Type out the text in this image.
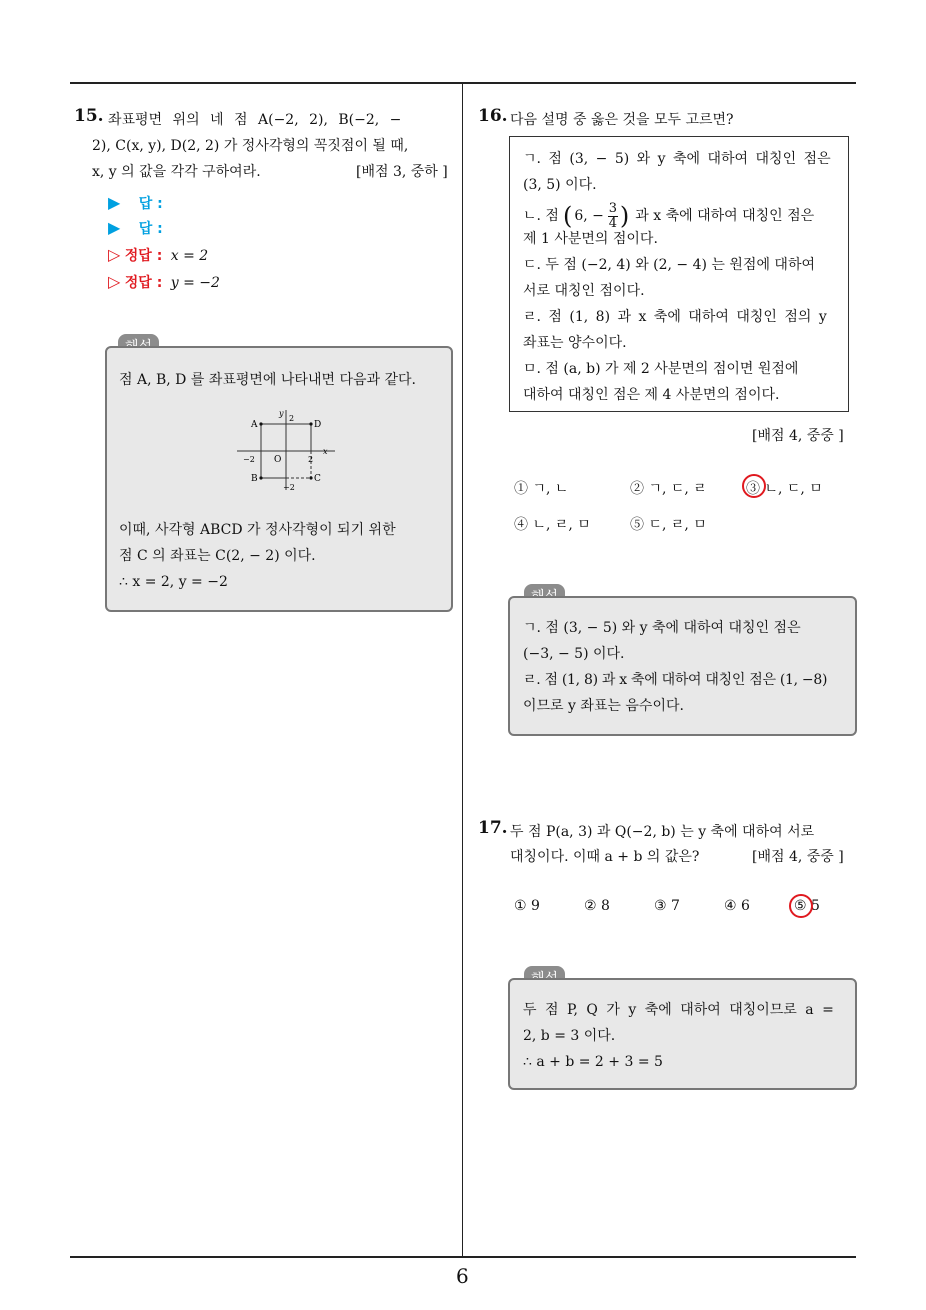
15. 좌표평면 위의 네 점 A(−2, 2), B(−2, −
2), C(x, y), D(2, 2) 가 정사각형의 꼭짓점이 될 때,
x, y 의 값을 각각 구하여라.	[배점 3, 중하 ]
▶ 답 :
▶ 답 :
▷ 정답 : x = 2
▷ 정답 : y = −2
점 A, B, D 를 좌표평면에 나타내면 다음과 같다.
A	D
B	C
O
y
x
2
−2	2
−2
이때, 사각형 ABCD 가 정사각형이 되기 위한
점 C 의 좌표는 C(2, − 2) 이다.
∴ x = 2, y = −2
16. 다음 설명 중 옳은 것을 모두 고르면?
ㄱ. 점 (3, − 5) 와 y 축에 대하여 대칭인 점은
(3, 5) 이다.
ㄴ. 점 ( 6, − 3
4 ) 과 x 축에 대하여 대칭인 점은
제 1 사분면의 점이다.
ㄷ. 두 점 (−2, 4) 와 (2, − 4) 는 원점에 대하여
서로 대칭인 점이다.
ㄹ. 점 (1, 8) 과 x 축에 대하여 대칭인 점의 y
좌표는 양수이다.
ㅁ. 점 (a, b) 가 제 2 사분면의 점이면 원점에
대하여 대칭인 점은 제 4 사분면의 점이다.
[배점 4, 중중 ]
① ㄱ, ㄴ	② ㄱ, ㄷ, ㄹ	③ ㄴ, ㄷ, ㅁ
④ ㄴ, ㄹ, ㅁ	⑤ ㄷ, ㄹ, ㅁ
ㄱ. 점 (3, − 5) 와 y 축에 대하여 대칭인 점은
(−3, − 5) 이다.
ㄹ. 점 (1, 8) 과 x 축에 대하여 대칭인 점은 (1, −8)
이므로 y 좌표는 음수이다.
17. 두 점 P(a, 3) 과 Q(−2, b) 는 y 축에 대하여 서로
대칭이다. 이때 a + b 의 값은?	[배점 4, 중중 ]
① 9	② 8	③ 7	④ 6	⑤ 5
두 점 P, Q 가 y 축에 대하여 대칭이므로 a =
2, b = 3 이다.
∴ a + b = 2 + 3 = 5
6
